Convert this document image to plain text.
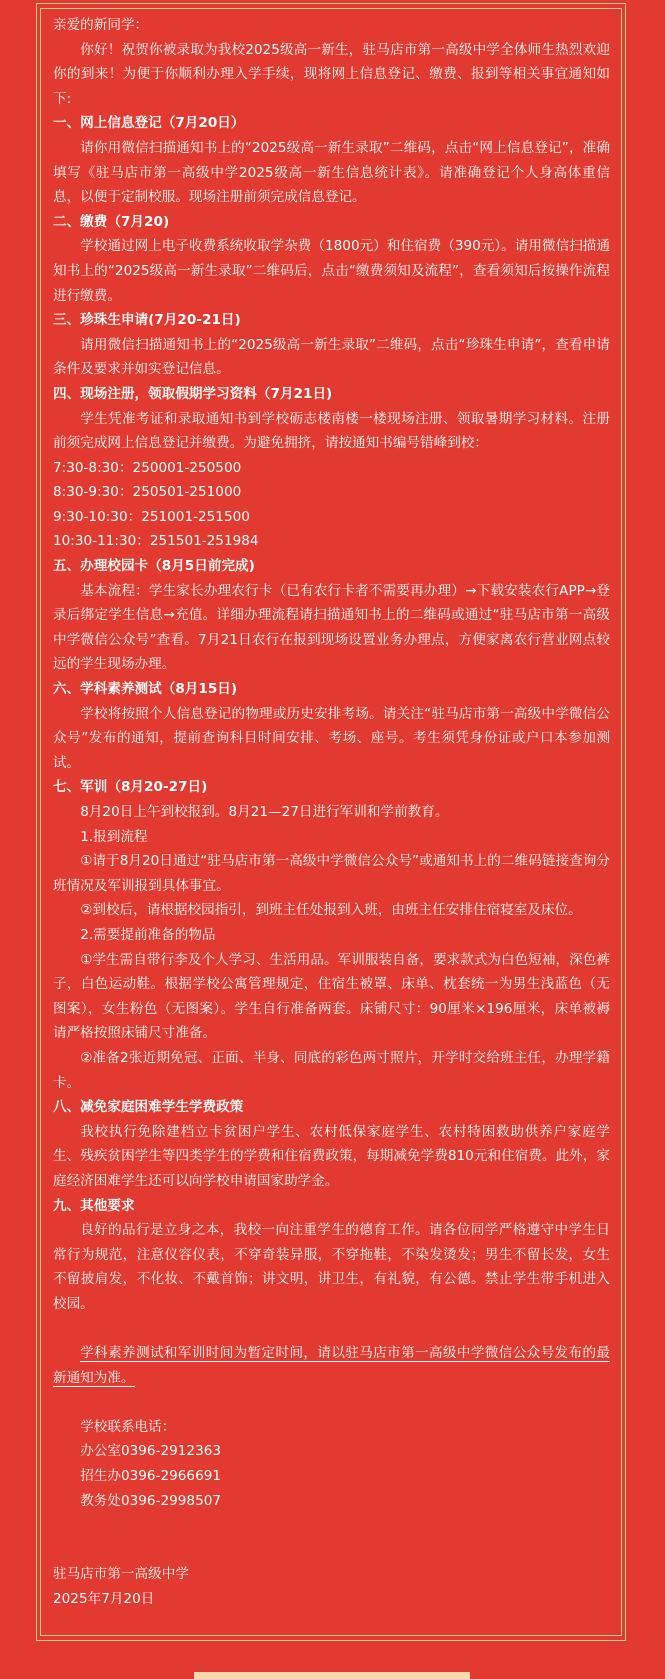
亲爱的新同学：

你好！祝贺你被录取为我校2025级高一新生，驻马店市第一高级中学全体师生热烈欢迎你的到来！为便于你顺利办理入学手续，现将网上信息登记、缴费、报到等相关事宜通知如下:

一、网上信息登记（7月20日）

请你用微信扫描通知书上的“2025级高一新生录取”二维码，点击“网上信息登记”，准确填写《驻马店市第一高级中学2025级高一新生信息统计表》。请准确登记个人身高体重信息，以便于定制校服。现场注册前须完成信息登记。

二、缴费（7月20)

学校通过网上电子收费系统收取学杂费（1800元）和住宿费（390元）。请用微信扫描通知书上的“2025级高一新生录取”二维码后，点击“缴费须知及流程”，查看须知后按操作流程进行缴费。

三、珍珠生申请(7月20-21日)

请用微信扫描通知书上的“2025级高一新生录取”二维码，点击“珍珠生申请”，查看申请条件及要求并如实登记信息。

四、现场注册，领取假期学习资料（7月21日)

学生凭准考证和录取通知书到学校砺志楼南楼一楼现场注册、领取暑期学习材料。注册前须完成网上信息登记并缴费。为避免拥挤，请按通知书编号错峰到校：

7:30-8:30：250001-250500

8:30-9:30：250501-251000

9:30-10:30：251001-251500

10:30-11:30：251501-251984

五、办理校园卡（8月5日前完成)

基本流程：学生家长办理农行卡（已有农行卡者不需要再办理）→下载安装农行APP→登录后绑定学生信息→充值。详细办理流程请扫描通知书上的二维码或通过“驻马店市第一高级中学微信公众号”查看。7月21日农行在报到现场设置业务办理点，方便家离农行营业网点较远的学生现场办理。

六、学科素养测试（8月15日)

学校将按照个人信息登记的物理或历史安排考场。请关注“驻马店市第一高级中学微信公众号”发布的通知，提前查询科目时间安排、考场、座号。考生须凭身份证或户口本参加测试。

七、军训（8月20-27日)

8月20日上午到校报到。8月21—27日进行军训和学前教育。

1.报到流程

①请于8月20日通过“驻马店市第一高级中学微信公众号”或通知书上的二维码链接查询分班情况及军训报到具体事宜。

②到校后，请根据校园指引，到班主任处报到入班，由班主任安排住宿寝室及床位。

2.需要提前准备的物品

①学生需自带行李及个人学习、生活用品。军训服装自备，要求款式为白色短袖，深色裤子，白色运动鞋。根据学校公寓管理规定，住宿生被罩、床单、枕套统一为男生浅蓝色（无图案），女生粉色（无图案）。学生自行准备两套。床铺尺寸：90厘米×196厘米，床单被褥请严格按照床铺尺寸准备。

②准备2张近期免冠、正面、半身、同底的彩色两寸照片，开学时交给班主任，办理学籍卡。

八、减免家庭困难学生学费政策

我校执行免除建档立卡贫困户学生、农村低保家庭学生、农村特困救助供养户家庭学生、残疾贫困学生等四类学生的学费和住宿费政策，每期减免学费810元和住宿费。此外，家庭经济困难学生还可以向学校申请国家助学金。

九、其他要求

良好的品行是立身之本，我校一向注重学生的德育工作。请各位同学严格遵守中学生日常行为规范，注意仪容仪表，不穿奇装异服，不穿拖鞋，不染发烫发；男生不留长发，女生不留披肩发，不化妆、不戴首饰；讲文明，讲卫生，有礼貌，有公德。禁止学生带手机进入校园。

学科素养测试和军训时间为暂定时间，请以驻马店市第一高级中学微信公众号发布的最新通知为准。

学校联系电话：

办公室0396-2912363

招生办0396-2966691

教务处0396-2998507

驻马店市第一高级中学

2025年7月20日
